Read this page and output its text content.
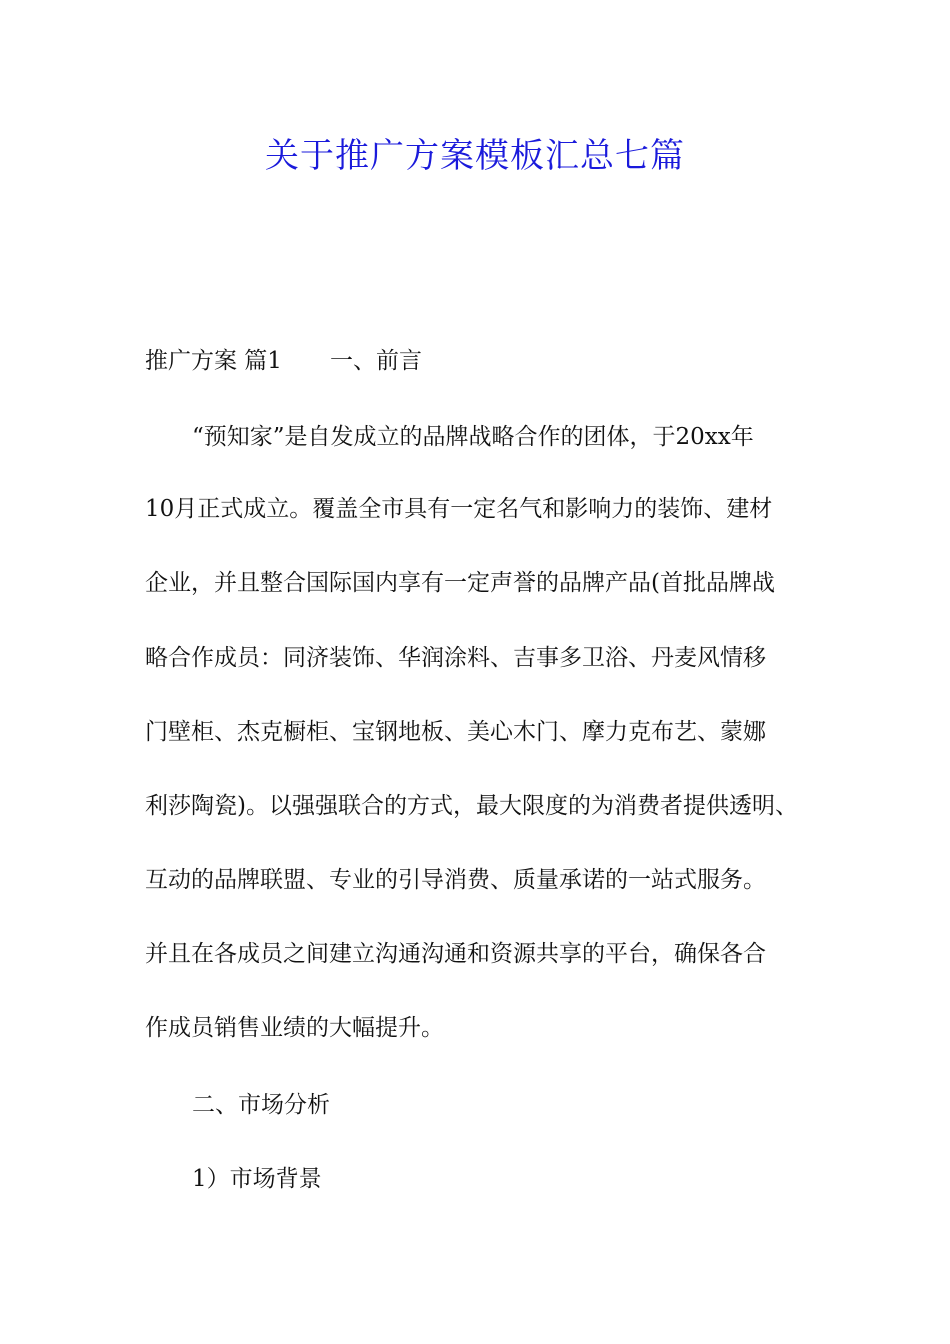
关于推广方案模板汇总七篇
推广方案 篇1 一、前言
“预知家”是自发成立的品牌战略合作的团体，于20xx年
10月正式成立。覆盖全市具有一定名气和影响力的装饰、建材
企业，并且整合国际国内享有一定声誉的品牌产品(首批品牌战
略合作成员：同济装饰、华润涂料、吉事多卫浴、丹麦风情移
门壁柜、杰克橱柜、宝钢地板、美心木门、摩力克布艺、蒙娜
利莎陶瓷)。以强强联合的方式，最大限度的为消费者提供透明、
互动的品牌联盟、专业的引导消费、质量承诺的一站式服务。
并且在各成员之间建立沟通沟通和资源共享的平台，确保各合
作成员销售业绩的大幅提升。
二、市场分析
1）市场背景
